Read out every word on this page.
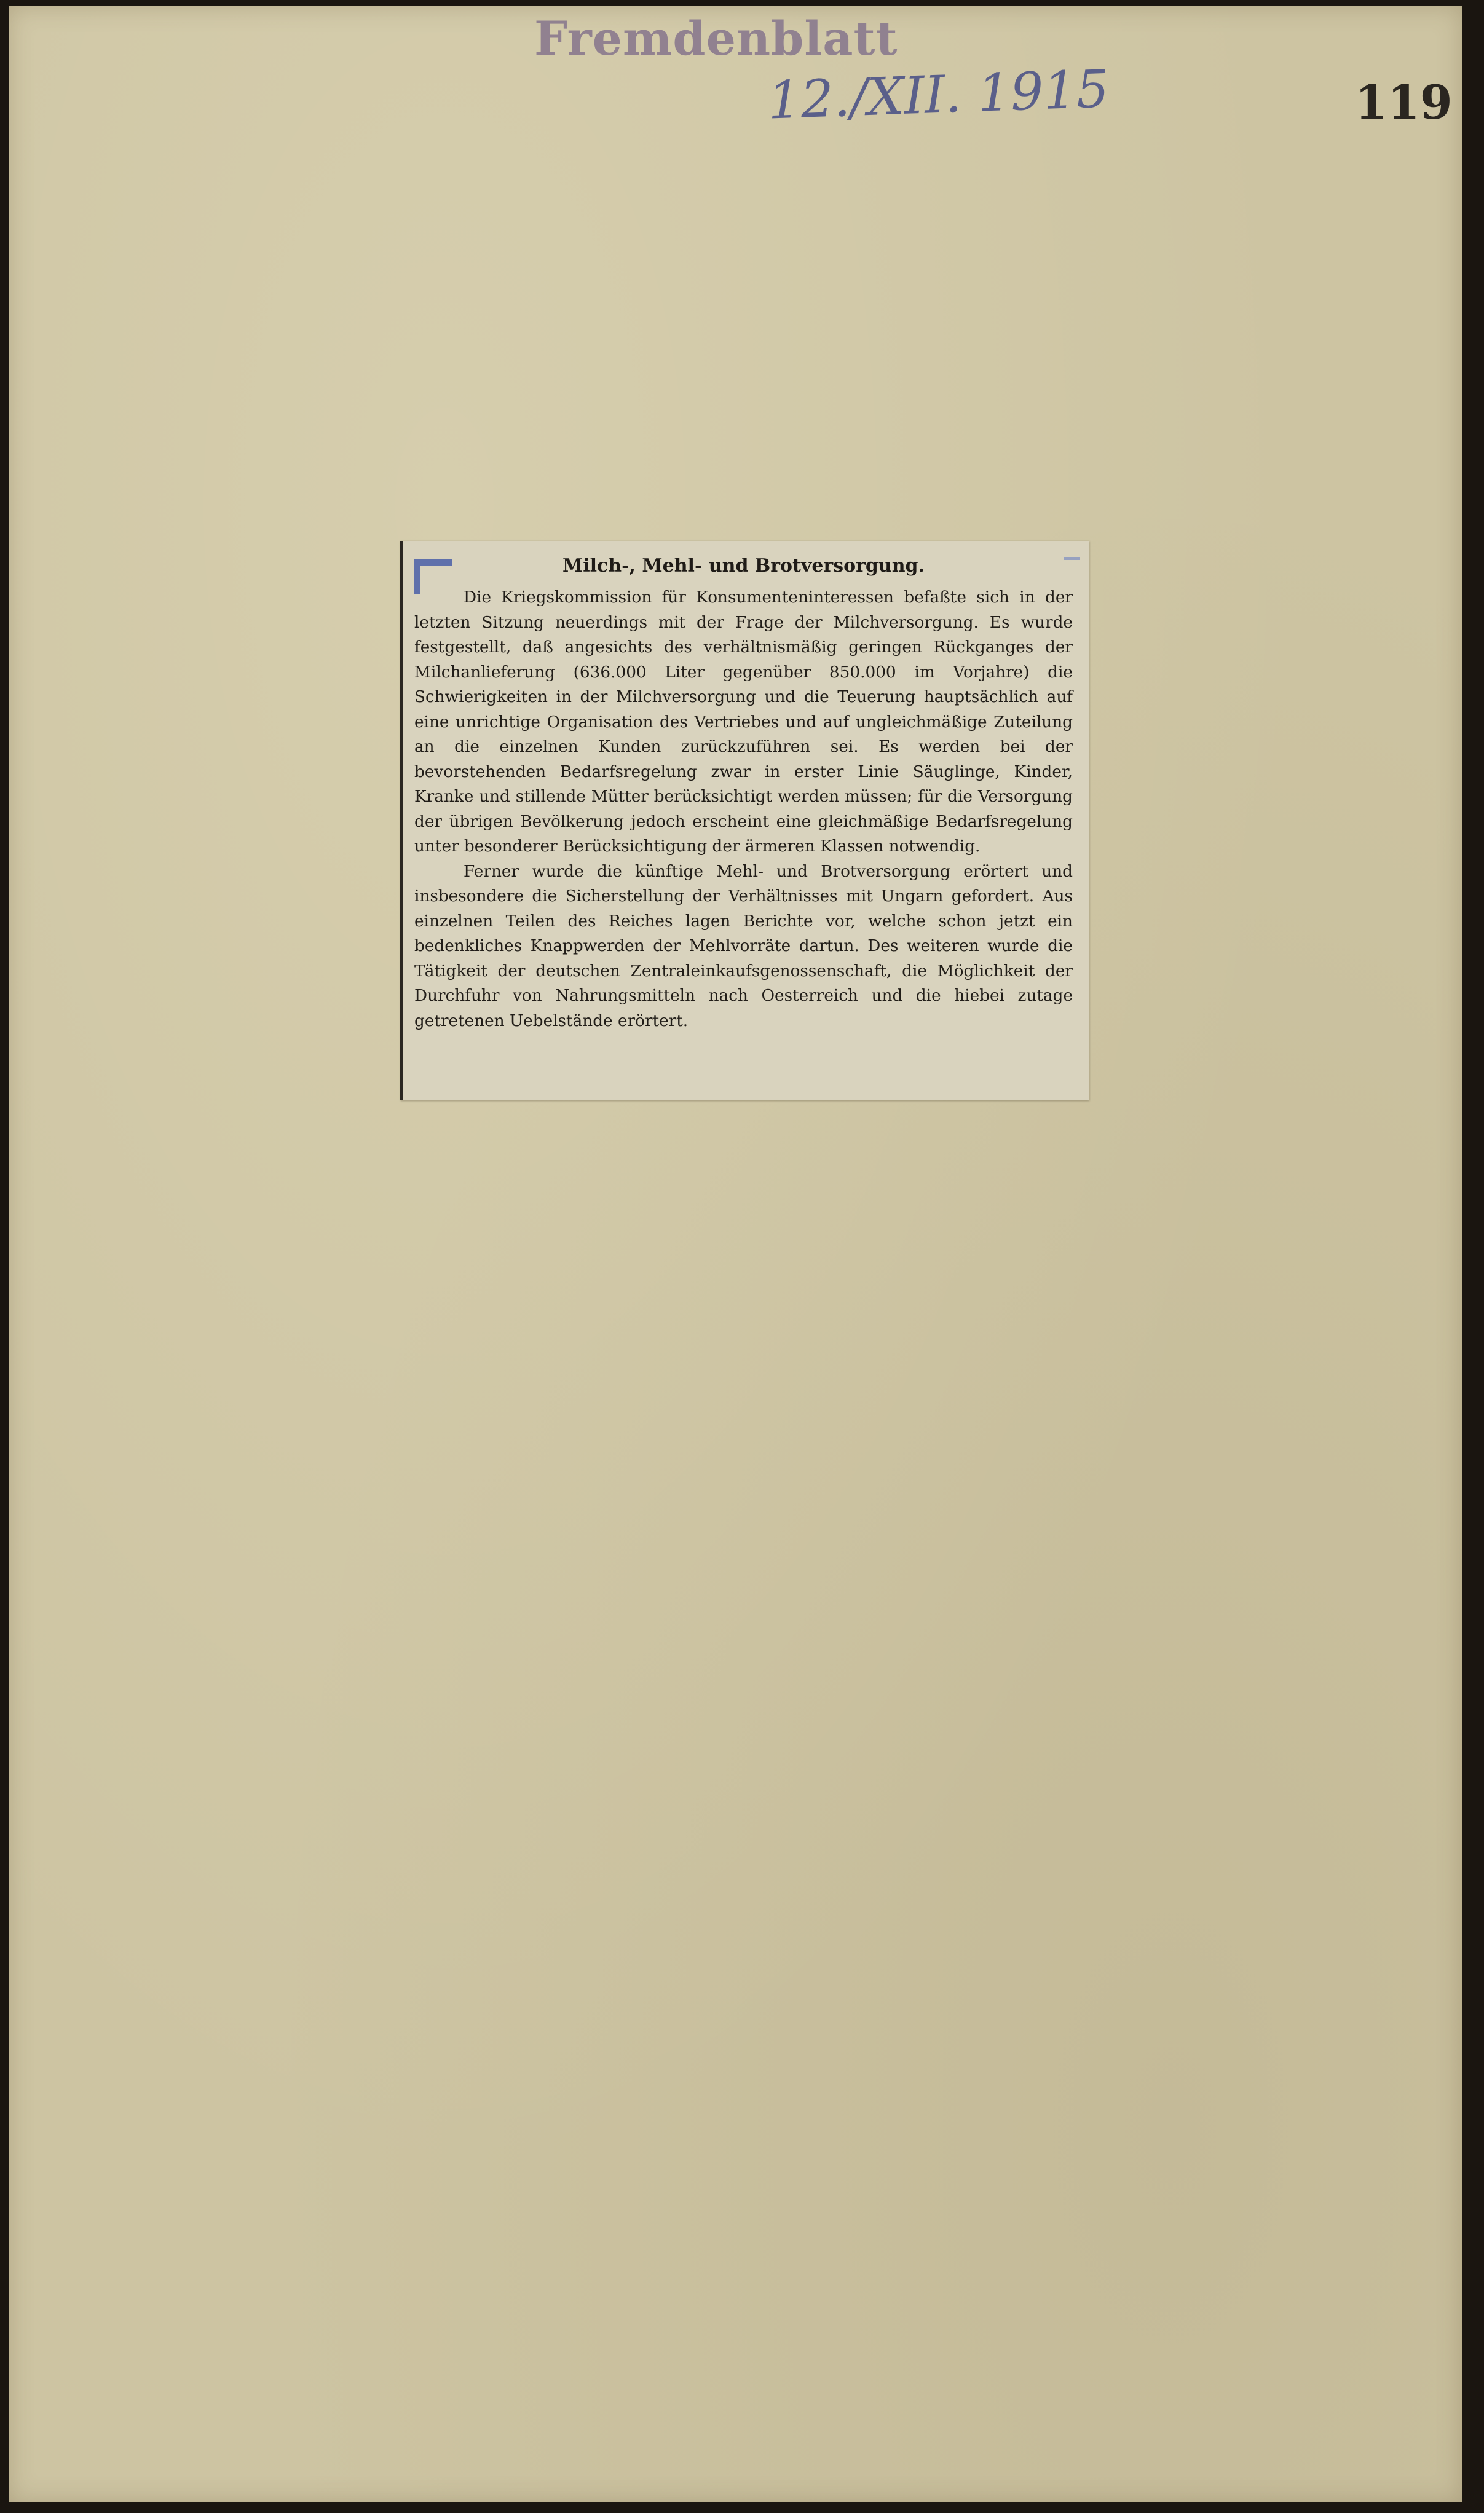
Fremdenblatt
12./XII. 1915	119
Milch-, Mehl- und Brotversorgung.

Die Kriegskommission für Konsumenteninteressen befaßte sich in der letzten Sitzung neuerdings mit der Frage der Milchversorgung. Es wurde festgestellt, daß angesichts des verhältnismäßig geringen Rückganges der Milchanlieferung (636.000 Liter gegenüber 850.000 im Vorjahre) die Schwierigkeiten in der Milchversorgung und die Teuerung hauptsächlich auf eine unrichtige Organisation des Vertriebes und auf ungleichmäßige Zuteilung an die einzelnen Kunden zurückzuführen sei. Es werden bei der bevorstehenden Bedarfsregelung zwar in erster Linie Säuglinge, Kinder, Kranke und stillende Mütter berücksichtigt werden müssen; für die Versorgung der übrigen Bevölkerung jedoch erscheint eine gleichmäßige Bedarfsregelung unter besonderer Berücksichtigung der ärmeren Klassen notwendig.

Ferner wurde die künftige Mehl- und Brotversorgung erörtert und insbesondere die Sicherstellung der Verhältnisses mit Ungarn gefordert. Aus einzelnen Teilen des Reiches lagen Berichte vor, welche schon jetzt ein bedenkliches Knappwerden der Mehlvorräte dartun. Des weiteren wurde die Tätigkeit der deutschen Zentraleinkaufsgenossenschaft, die Möglichkeit der Durchfuhr von Nahrungsmitteln nach Oesterreich und die hiebei zutage getretenen Uebelstände erörtert.
